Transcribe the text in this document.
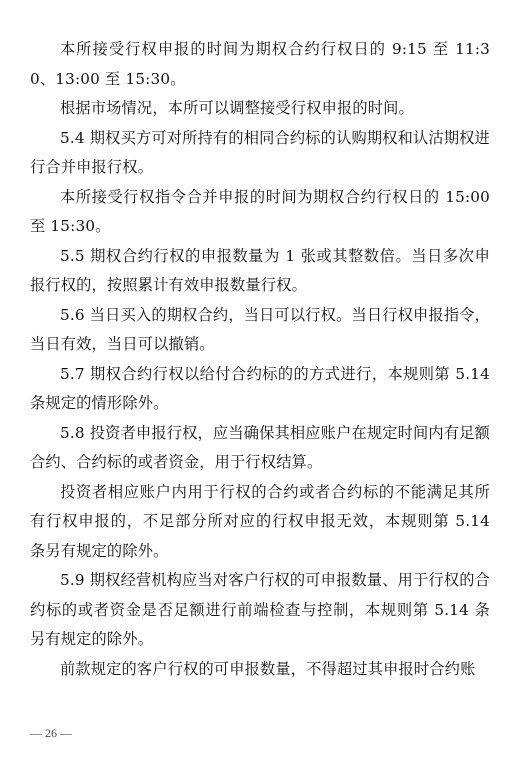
本所接受行权申报的时间为期权合约行权日的 9:15 至 11:30、13:00 至 15:30。

根据市场情况，本所可以调整接受行权申报的时间。

5.4 期权买方可对所持有的相同合约标的认购期权和认沽期权进行合并申报行权。

本所接受行权指令合并申报的时间为期权合约行权日的 15:00 至 15:30。

5.5 期权合约行权的申报数量为 1 张或其整数倍。当日多次申报行权的，按照累计有效申报数量行权。

5.6 当日买入的期权合约，当日可以行权。当日行权申报指令，当日有效，当日可以撤销。

5.7 期权合约行权以给付合约标的的方式进行，本规则第 5.14 条规定的情形除外。

5.8 投资者申报行权，应当确保其相应账户在规定时间内有足额合约、合约标的或者资金，用于行权结算。

投资者相应账户内用于行权的合约或者合约标的不能满足其所有行权申报的，不足部分所对应的行权申报无效，本规则第 5.14 条另有规定的除外。

5.9 期权经营机构应当对客户行权的可申报数量、用于行权的合约标的或者资金是否足额进行前端检查与控制，本规则第 5.14 条另有规定的除外。

前款规定的客户行权的可申报数量，不得超过其申报时合约账

— 26 —
